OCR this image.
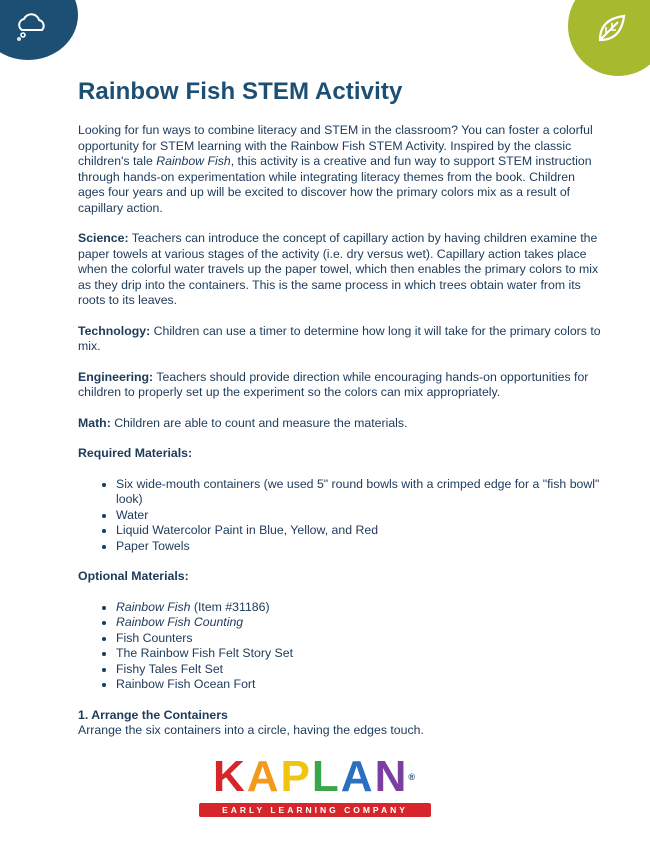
Rainbow Fish STEM Activity

Looking for fun ways to combine literacy and STEM in the classroom? You can foster a colorful opportunity for STEM learning with the Rainbow Fish STEM Activity. Inspired by the classic children's tale Rainbow Fish, this activity is a creative and fun way to support STEM instruction through hands-on experimentation while integrating literacy themes from the book. Children ages four years and up will be excited to discover how the primary colors mix as a result of capillary action.

Science: Teachers can introduce the concept of capillary action by having children examine the paper towels at various stages of the activity (i.e. dry versus wet). Capillary action takes place when the colorful water travels up the paper towel, which then enables the primary colors to mix as they drip into the containers. This is the same process in which trees obtain water from its roots to its leaves.

Technology: Children can use a timer to determine how long it will take for the primary colors to mix.

Engineering: Teachers should provide direction while encouraging hands-on opportunities for children to properly set up the experiment so the colors can mix appropriately.

Math: Children are able to count and measure the materials.

Required Materials:
• Six wide-mouth containers (we used 5" round bowls with a crimped edge for a "fish bowl" look)
• Water
• Liquid Watercolor Paint in Blue, Yellow, and Red
• Paper Towels
Optional Materials:
• Rainbow Fish (Item #31186)
• Rainbow Fish Counting
• Fish Counters
• The Rainbow Fish Felt Story Set
• Fishy Tales Felt Set
• Rainbow Fish Ocean Fort

1. Arrange the Containers

Arrange the six containers into a circle, having the edges touch.

KAPLAN®
EARLY LEARNING COMPANY
